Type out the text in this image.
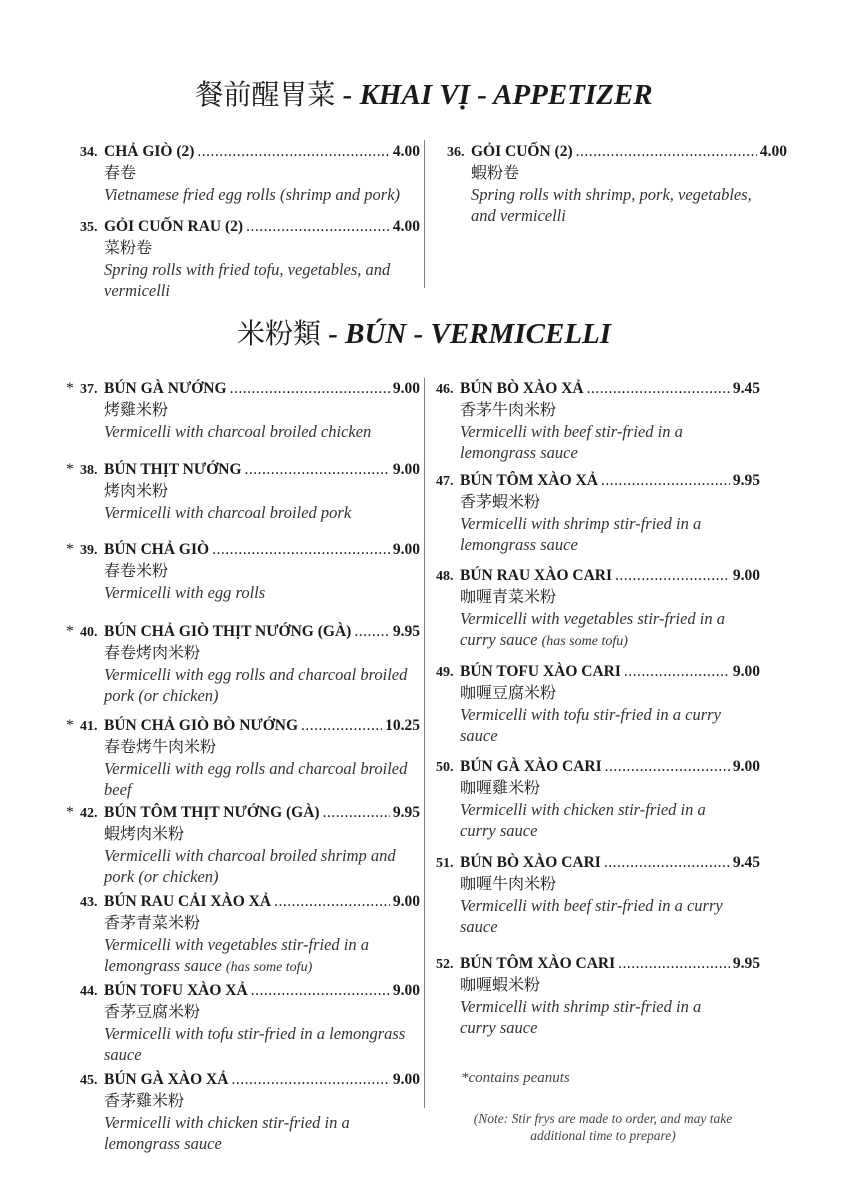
餐前醒胃菜 - KHAI VỊ - APPETIZER
米粉類 - BÚN - VERMICELLI
34. CHẢ GIÒ (2) .....	4.00
春卷
Vietnamese fried egg rolls (shrimp and pork)
35. GỎI CUỐN RAU (2) .....	4.00
菜粉卷
Spring rolls with fried tofu, vegetables, and vermicelli
36. GỎI CUỐN (2) .....	4.00
蝦粉卷
Spring rolls with shrimp, pork, vegetables, and vermicelli
* 37. BÚN GÀ NƯỚNG .....	9.00
烤雞米粉
Vermicelli with charcoal broiled chicken
* 38. BÚN THỊT NƯỚNG .....	9.00
烤肉米粉
Vermicelli with charcoal broiled pork
* 39. BÚN CHẢ GIÒ .....	9.00
春卷米粉
Vermicelli with egg rolls
* 40. BÚN CHẢ GIÒ THỊT NƯỚNG (GÀ) .....	9.95
春卷烤肉米粉
Vermicelli with egg rolls and charcoal broiled pork (or chicken)
* 41. BÚN CHẢ GIÒ BÒ NƯỚNG .....	10.25
春卷烤牛肉米粉
Vermicelli with egg rolls and charcoal broiled beef
* 42. BÚN TÔM THỊT NƯỚNG (GÀ) .....	9.95
蝦烤肉米粉
Vermicelli with charcoal broiled shrimp and pork (or chicken)
43. BÚN RAU CẢI XÀO XẢ .....	9.00
香茅青菜米粉
Vermicelli with vegetables stir-fried in a lemongrass sauce (has some tofu)
44. BÚN TOFU XÀO XẢ .....	9.00
香茅豆腐米粉
Vermicelli with tofu stir-fried in a lemongrass sauce
45. BÚN GÀ XÀO XẢ .....	9.00
香茅雞米粉
Vermicelli with chicken stir-fried in a lemongrass sauce
46. BÚN BÒ XÀO XẢ .....	9.45
香茅牛肉米粉
Vermicelli with beef stir-fried in a lemongrass sauce
47. BÚN TÔM XÀO XẢ .....	9.95
香茅蝦米粉
Vermicelli with shrimp stir-fried in a lemongrass sauce
48. BÚN RAU XÀO CARI .....	9.00
咖喱青菜米粉
Vermicelli with vegetables stir-fried in a curry sauce (has some tofu)
49. BÚN TOFU XÀO CARI .....	9.00
咖喱豆腐米粉
Vermicelli with tofu stir-fried in a curry sauce
50. BÚN GÀ XÀO CARI .....	9.00
咖喱雞米粉
Vermicelli with chicken stir-fried in a curry sauce
51. BÚN BÒ XÀO CARI .....	9.45
咖喱牛肉米粉
Vermicelli with beef stir-fried in a curry sauce
52. BÚN TÔM XÀO CARI .....	9.95
咖喱蝦米粉
Vermicelli with shrimp stir-fried in a curry sauce
*contains peanuts
(Note: Stir frys are made to order, and may take additional time to prepare)
